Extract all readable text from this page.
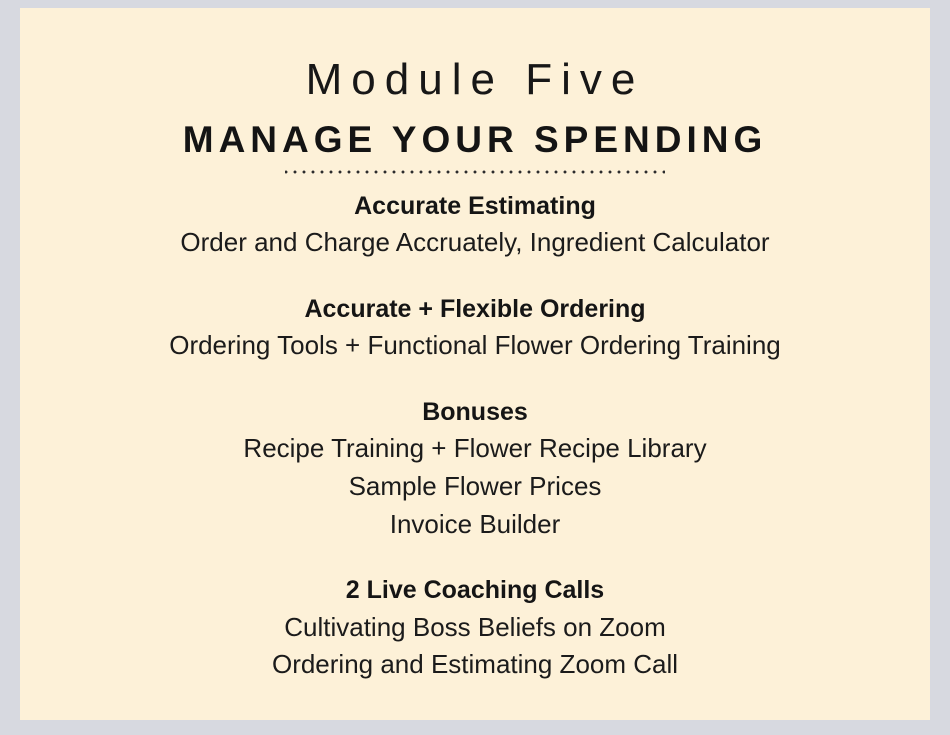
Module Five
MANAGE YOUR SPENDING
Accurate Estimating
Order and Charge Accruately, Ingredient Calculator
Accurate + Flexible Ordering
Ordering Tools + Functional Flower Ordering Training
Bonuses
Recipe Training + Flower Recipe Library
Sample Flower Prices
Invoice Builder
2 Live Coaching Calls
Cultivating Boss Beliefs on Zoom
Ordering and Estimating Zoom Call
